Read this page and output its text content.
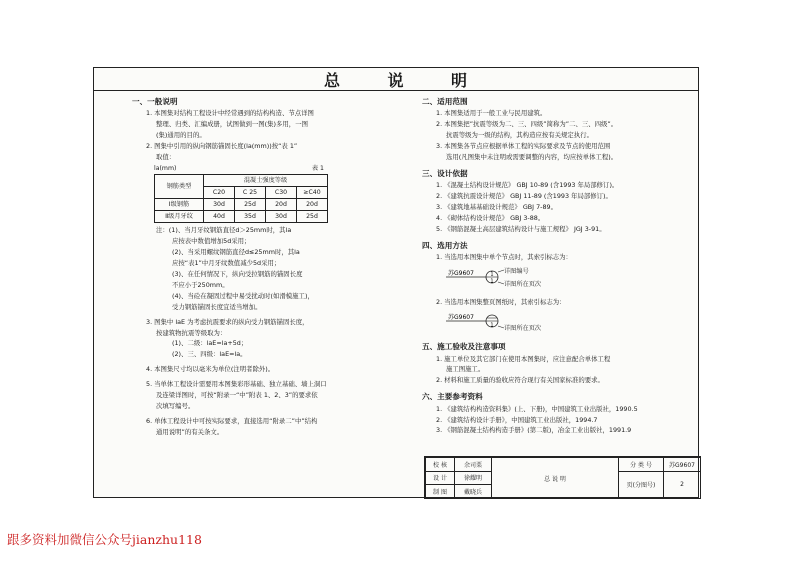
总	说	明
一、一般说明
1. 本图集对结构工程设计中经常遇到的结构构造、节点详图
整理、归类、汇编成册，试图做到一图(集)多用，一图
(集)通用的目的。
2. 图集中引用的纵向钢筋锚固长度(la(mm))按“表 1”
取值：
la(mm)	表 1
钢筋类型	混凝土强度等级			
	C20	C 25	C30	≥C40
Ⅰ级钢筋	30d	25d	20d	20d
Ⅱ级月牙纹	40d	35d	30d	25d
注：(1)、当月牙纹钢筋直径d＞25mm时，其la
应按表中数值增加5d采用；
(2)、当采用螺纹钢筋直径d≤25mm时，其la
应按“表1”中月牙纹数值减少5d采用；
(3)、在任何情况下，纵向受拉钢筋的锚固长度
不应小于250mm。
(4)、当砼在凝固过程中易受扰动时(如滑模施工)，
受力钢筋锚固长度宜适当增加。
3. 图集中 laE 为考虑抗震要求的纵向受力钢筋锚固长度，
按建筑物抗震等级取为：
(1)、二级：laE=la+5d；
(2)、三、四级：laE=la。
4. 本图集尺寸均以毫米为单位(注明者除外)。
5. 当单体工程设计需要用本图集彩形基础、独立基础、墙上洞口
及连梁详图时，可按“附录一“中”附表 1、2、3”的要求依
次填写编号。
6. 单体工程设计中可按实际要求，直接选用“附录二”中”结构
通用说明”的有关条文。
二、适用范围
1. 本图集适用于一般工业与民用建筑。
2. 本图集把”抗震等级为二、三、四级”简称为”二、三、四级”。
抗震等级为一级的结构，其构造应按有关规定执行。
3. 本图集各节点应根据单体工程的实际要求及节点的使用范围
选用(凡图集中未注明或需要调整的内容，均应按单体工程)。
三、设计依据
1. 《混凝土结构设计规范》 GBJ 10-89 (含1993 年局部修订)。
2. 《建筑抗震设计规范》 GBJ 11-89 (含1993 年局部修订)。
3. 《建筑地基基础设计规范》 GBJ 7-89。
4. 《砌体结构设计规范》 GBJ 3-88。
5. 《钢筋混凝土高层建筑结构设计与施工规程》 JGJ 3-91。
四、选用方法
1. 当选用本图集中单个节点时，其索引标志为：
1
1
苏G9607	详图编号
详图所在页次
2. 当选用本图集整页图纸时，其索引标志为：
1
苏G9607
详图所在页次
五、施工验收及注意事项
1. 施工单位及其它部门在使用本图集时，应注意配合单体工程
施工图施工。
2. 材料和施工质量的验收应符合现行有关国家标准的要求。
六、主要参考资料
1. 《建筑结构构造资料集》(上、下册)，中国建筑工业出版社，1990.5
2. 《建筑结构设计手册》，中国建筑工业出版社，1994.7
3. 《钢筋混凝土结构构造手册》(第二版)，冶金工业出版社，1991.9
校 核	余司栗	总 说 明	分 类 号	苏G9607
设 计	徐耀明		页(分图号)	2
制 图	戴晓兵			
跟多资料加微信公众号jianzhu118
